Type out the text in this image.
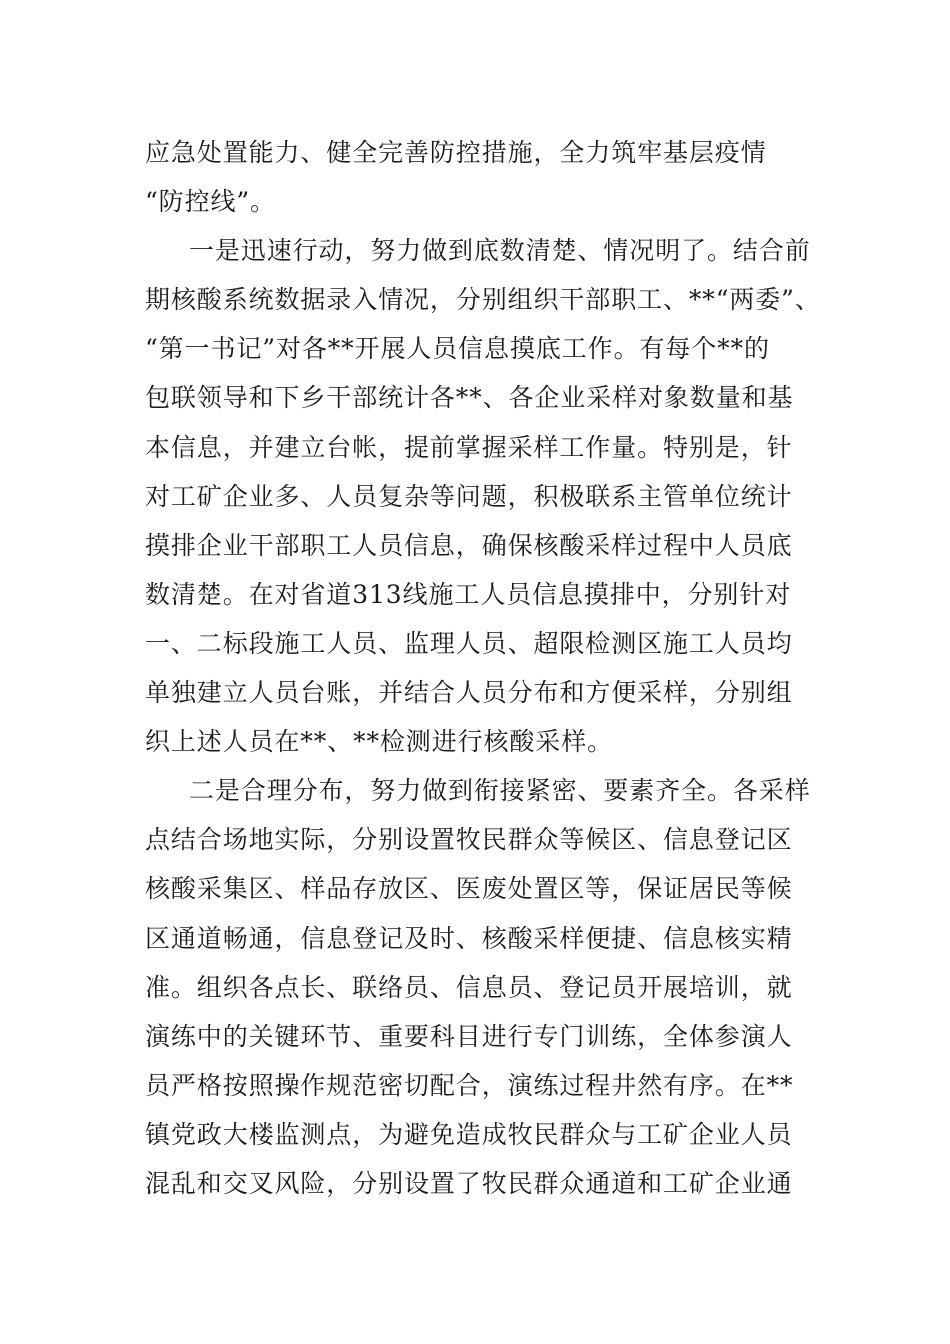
应急处置能力、健全完善防控措施，全力筑牢基层疫情
“防控线”。
一是迅速行动，努力做到底数清楚、情况明了。结合前
期核酸系统数据录入情况，分别组织干部职工、**“两委”、
“第一书记”对各**开展人员信息摸底工作。有每个**的
包联领导和下乡干部统计各**、各企业采样对象数量和基
本信息，并建立台帐，提前掌握采样工作量。特别是，针
对工矿企业多、人员复杂等问题，积极联系主管单位统计
摸排企业干部职工人员信息，确保核酸采样过程中人员底
数清楚。在对省道313线施工人员信息摸排中，分别针对
一、二标段施工人员、监理人员、超限检测区施工人员均
单独建立人员台账，并结合人员分布和方便采样，分别组
织上述人员在**、**检测进行核酸采样。
二是合理分布，努力做到衔接紧密、要素齐全。各采样
点结合场地实际，分别设置牧民群众等候区、信息登记区
核酸采集区、样品存放区、医废处置区等，保证居民等候
区通道畅通，信息登记及时、核酸采样便捷、信息核实精
准。组织各点长、联络员、信息员、登记员开展培训，就
演练中的关键环节、重要科目进行专门训练，全体参演人
员严格按照操作规范密切配合，演练过程井然有序。在**
镇党政大楼监测点，为避免造成牧民群众与工矿企业人员
混乱和交叉风险，分别设置了牧民群众通道和工矿企业通
